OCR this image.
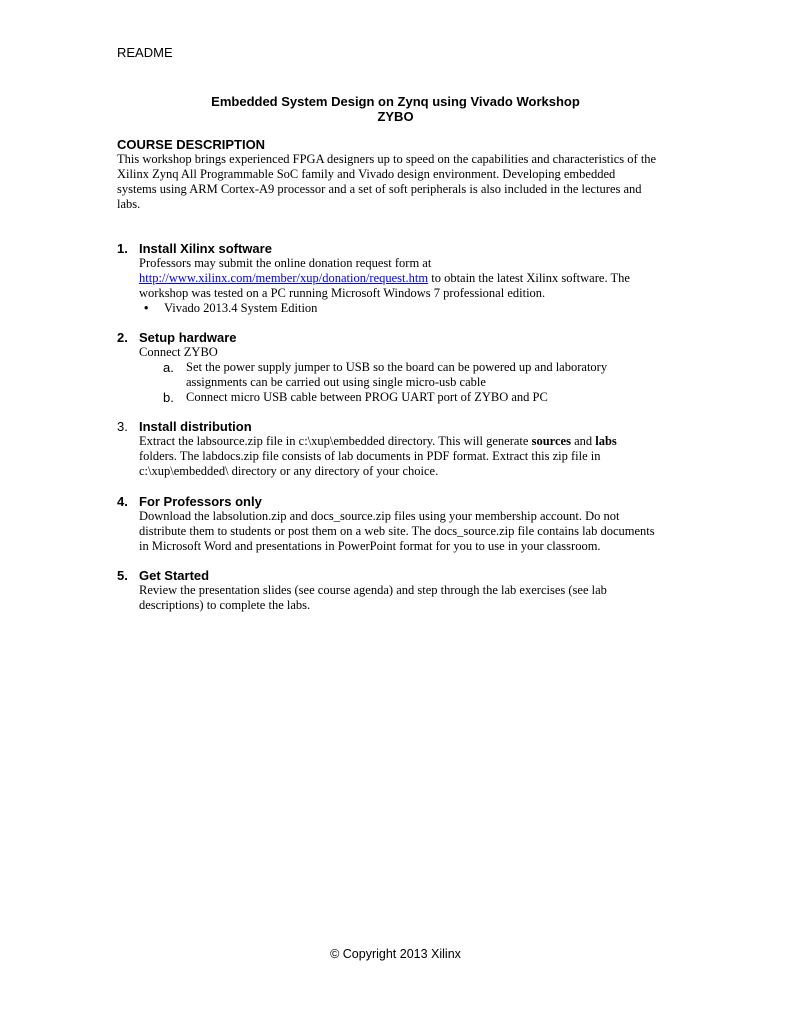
README
Embedded System Design on Zynq using Vivado Workshop
ZYBO
COURSE DESCRIPTION

This workshop brings experienced FPGA designers up to speed on the capabilities and characteristics of the
Xilinx Zynq All Programmable SoC family and Vivado design environment. Developing embedded
systems using ARM Cortex-A9 processor and a set of soft peripherals is also included in the lectures and
labs.

1. Install Xilinx software
Professors may submit the online donation request form at
http://www.xilinx.com/member/xup/donation/request.htm to obtain the latest Xilinx software. The
workshop was tested on a PC running Microsoft Windows 7 professional edition.
• Vivado 2013.4 System Edition
2. Setup hardware
Connect ZYBO
a. Set the power supply jumper to USB so the board can be powered up and laboratory
assignments can be carried out using single micro-usb cable
b. Connect micro USB cable between PROG UART port of ZYBO and PC
3. Install distribution
Extract the labsource.zip file in c:\xup\embedded directory. This will generate sources and labs
folders. The labdocs.zip file consists of lab documents in PDF format. Extract this zip file in
c:\xup\embedded\ directory or any directory of your choice.
4. For Professors only
Download the labsolution.zip and docs_source.zip files using your membership account. Do not
distribute them to students or post them on a web site. The docs_source.zip file contains lab documents
in Microsoft Word and presentations in PowerPoint format for you to use in your classroom.
5. Get Started
Review the presentation slides (see course agenda) and step through the lab exercises (see lab
descriptions) to complete the labs.
© Copyright 2013 Xilinx
